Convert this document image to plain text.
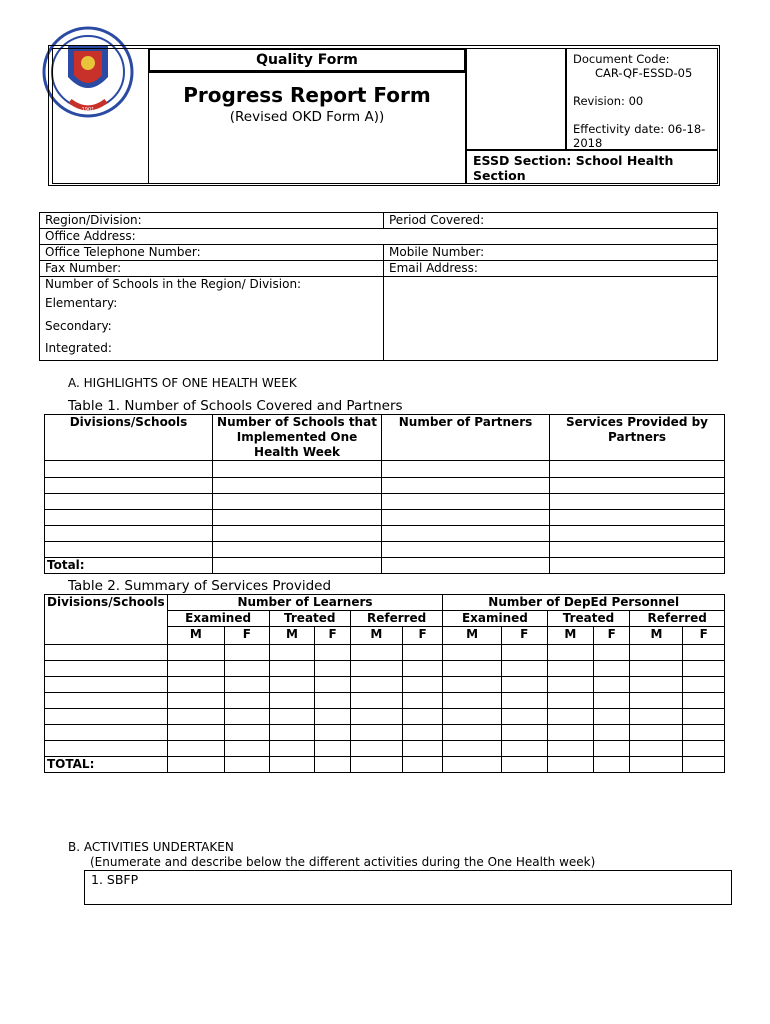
1901
Quality Form
Progress Report Form
(Revised OKD Form A))
Document Code:
CAR-QF-ESSD-05
Revision: 00
Effectivity date: 06-18-
2018
ESSD Section: School Health
Section
Region/Division:	Period Covered:
Office Address:	
Office Telephone Number:	Mobile Number:
Fax Number:	Email Address:

Number of Schools in the Region/ Division:
Elementary:
Secondary:
Integrated:	

A. HIGHLIGHTS OF ONE HEALTH WEEK
Table 1. Number of Schools Covered and Partners
Divisions/Schools	Number of Schools that Implemented One Health Week	Number of Partners	Services Provided by Partners

Total:			
Table 2. Summary of Services Provided
Divisions/Schools	Number of Learners						Number of DepEd Personnel					
	Examined		Treated		Referred		Examined		Treated		Referred	
	M	F	M	F	M	F	M	F	M	F	M	F

TOTAL:												
B. ACTIVITIES UNDERTAKEN
(Enumerate and describe below the different activities during the One Health week)
1. SBFP
